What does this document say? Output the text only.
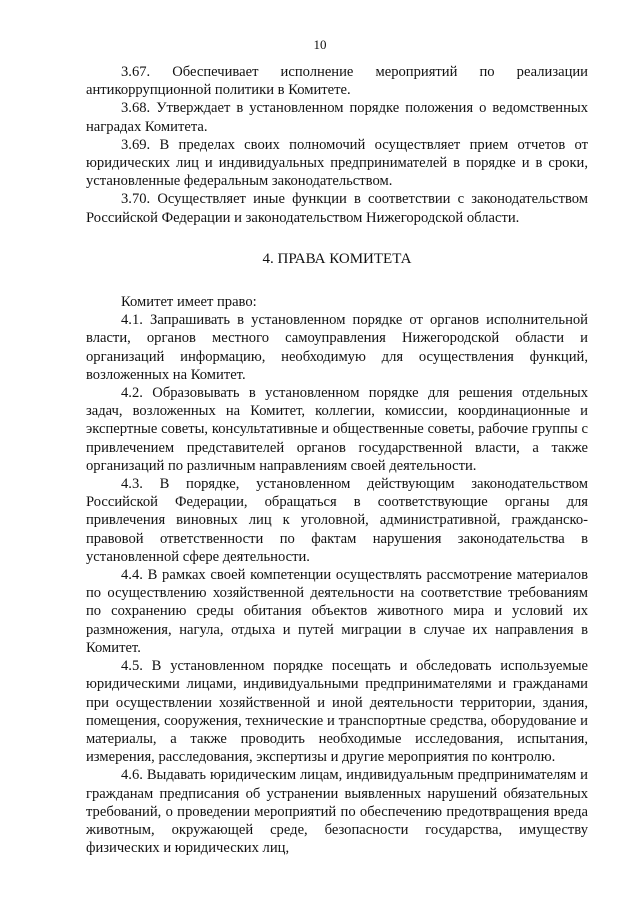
10

3.67. Обеспечивает исполнение мероприятий по реализации антикоррупционной политики в Комитете.

3.68. Утверждает в установленном порядке положения о ведомственных наградах Комитета.

3.69. В пределах своих полномочий осуществляет прием отчетов от юридических лиц и индивидуальных предпринимателей в порядке и в сроки, установленные федеральным законодательством.

3.70. Осуществляет иные функции в соответствии с законодательством Российской Федерации и законодательством Нижегородской области.

4. ПРАВА КОМИТЕТА

Комитет имеет право:

4.1. Запрашивать в установленном порядке от органов исполнительной власти, органов местного самоуправления Нижегородской области и организаций информацию, необходимую для осуществления функций, возложенных на Комитет.

4.2. Образовывать в установленном порядке для решения отдельных задач, возложенных на Комитет, коллегии, комиссии, координационные и экспертные советы, консультативные и общественные советы, рабочие группы с привлечением представителей органов государственной власти, а также организаций по различным направлениям своей деятельности.

4.3. В порядке, установленном действующим законодательством Российской Федерации, обращаться в соответствующие органы для привлечения виновных лиц к уголовной, административной, гражданско-правовой ответственности по фактам нарушения законодательства в установленной сфере деятельности.

4.4. В рамках своей компетенции осуществлять рассмотрение материалов по осуществлению хозяйственной деятельности на соответствие требованиям по сохранению среды обитания объектов животного мира и условий их размножения, нагула, отдыха и путей миграции в случае их направления в Комитет.

4.5. В установленном порядке посещать и обследовать используемые юридическими лицами, индивидуальными предпринимателями и гражданами при осуществлении хозяйственной и иной деятельности территории, здания, помещения, сооружения, технические и транспортные средства, оборудование и материалы, а также проводить необходимые исследования, испытания, измерения, расследования, экспертизы и другие мероприятия по контролю.

4.6. Выдавать юридическим лицам, индивидуальным предпринимателям и гражданам предписания об устранении выявленных нарушений обязательных требований, о проведении мероприятий по обеспечению предотвращения вреда животным, окружающей среде, безопасности государства, имуществу физических и юридических лиц,
